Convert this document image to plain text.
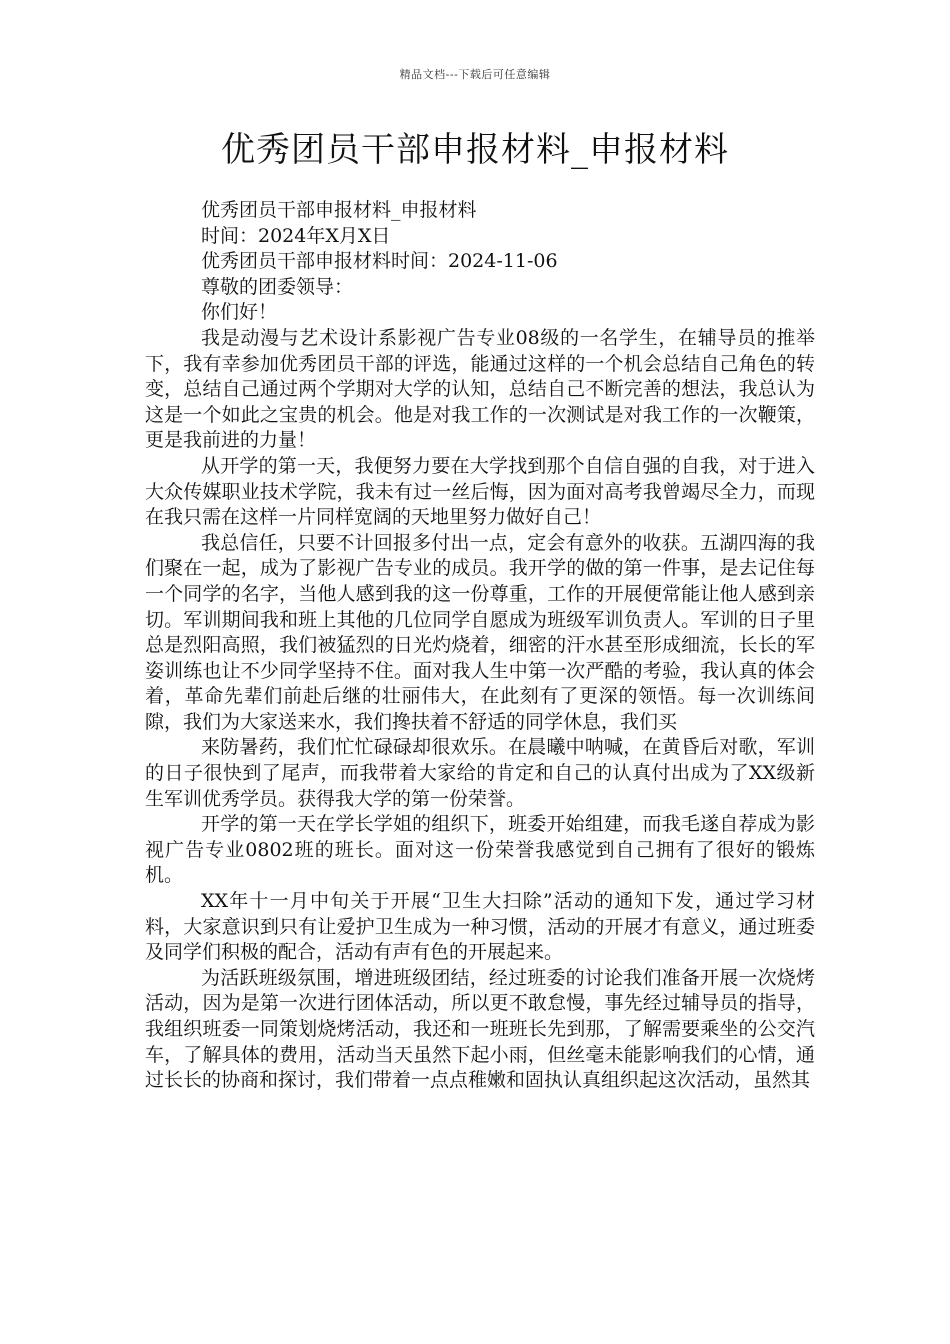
精品文档---下载后可任意编辑
优秀团员干部申报材料_申报材料
优秀团员干部申报材料_申报材料
时间：2024年X月X日
优秀团员干部申报材料时间：2024-11-06
尊敬的团委领导：
你们好！

我是动漫与艺术设计系影视广告专业08级的一名学生，在辅导员的推举下，我有幸参加优秀团员干部的评选，能通过这样的一个机会总结自己角色的转变，总结自己通过两个学期对大学的认知，总结自己不断完善的想法，我总认为这是一个如此之宝贵的机会。他是对我工作的一次测试是对我工作的一次鞭策，更是我前进的力量！

从开学的第一天，我便努力要在大学找到那个自信自强的自我，对于进入大众传媒职业技术学院，我未有过一丝后悔，因为面对高考我曾竭尽全力，而现在我只需在这样一片同样宽阔的天地里努力做好自己！

我总信任，只要不计回报多付出一点，定会有意外的收获。五湖四海的我们聚在一起，成为了影视广告专业的成员。我开学的做的第一件事，是去记住每一个同学的名字，当他人感到我的这一份尊重，工作的开展便常能让他人感到亲切。军训期间我和班上其他的几位同学自愿成为班级军训负责人。军训的日子里总是烈阳高照，我们被猛烈的日光灼烧着，细密的汗水甚至形成细流，长长的军姿训练也让不少同学坚持不住。面对我人生中第一次严酷的考验，我认真的体会着，革命先辈们前赴后继的壮丽伟大，在此刻有了更深的领悟。每一次训练间隙，我们为大家送来水，我们搀扶着不舒适的同学休息，我们买

来防暑药，我们忙忙碌碌却很欢乐。在晨曦中呐喊，在黄昏后对歌，军训的日子很快到了尾声，而我带着大家给的肯定和自己的认真付出成为了XX级新生军训优秀学员。获得我大学的第一份荣誉。

开学的第一天在学长学姐的组织下，班委开始组建，而我毛遂自荐成为影视广告专业0802班的班长。面对这一份荣誉我感觉到自己拥有了很好的锻炼机。

XX年十一月中旬关于开展“卫生大扫除”活动的通知下发，通过学习材料，大家意识到只有让爱护卫生成为一种习惯，活动的开展才有意义，通过班委及同学们积极的配合，活动有声有色的开展起来。

为活跃班级氛围，增进班级团结，经过班委的讨论我们准备开展一次烧烤活动，因为是第一次进行团体活动，所以更不敢怠慢，事先经过辅导员的指导，我组织班委一同策划烧烤活动，我还和一班班长先到那，了解需要乘坐的公交汽车，了解具体的费用，活动当天虽然下起小雨，但丝毫未能影响我们的心情，通过长长的协商和探讨，我们带着一点点稚嫩和固执认真组织起这次活动，虽然其
